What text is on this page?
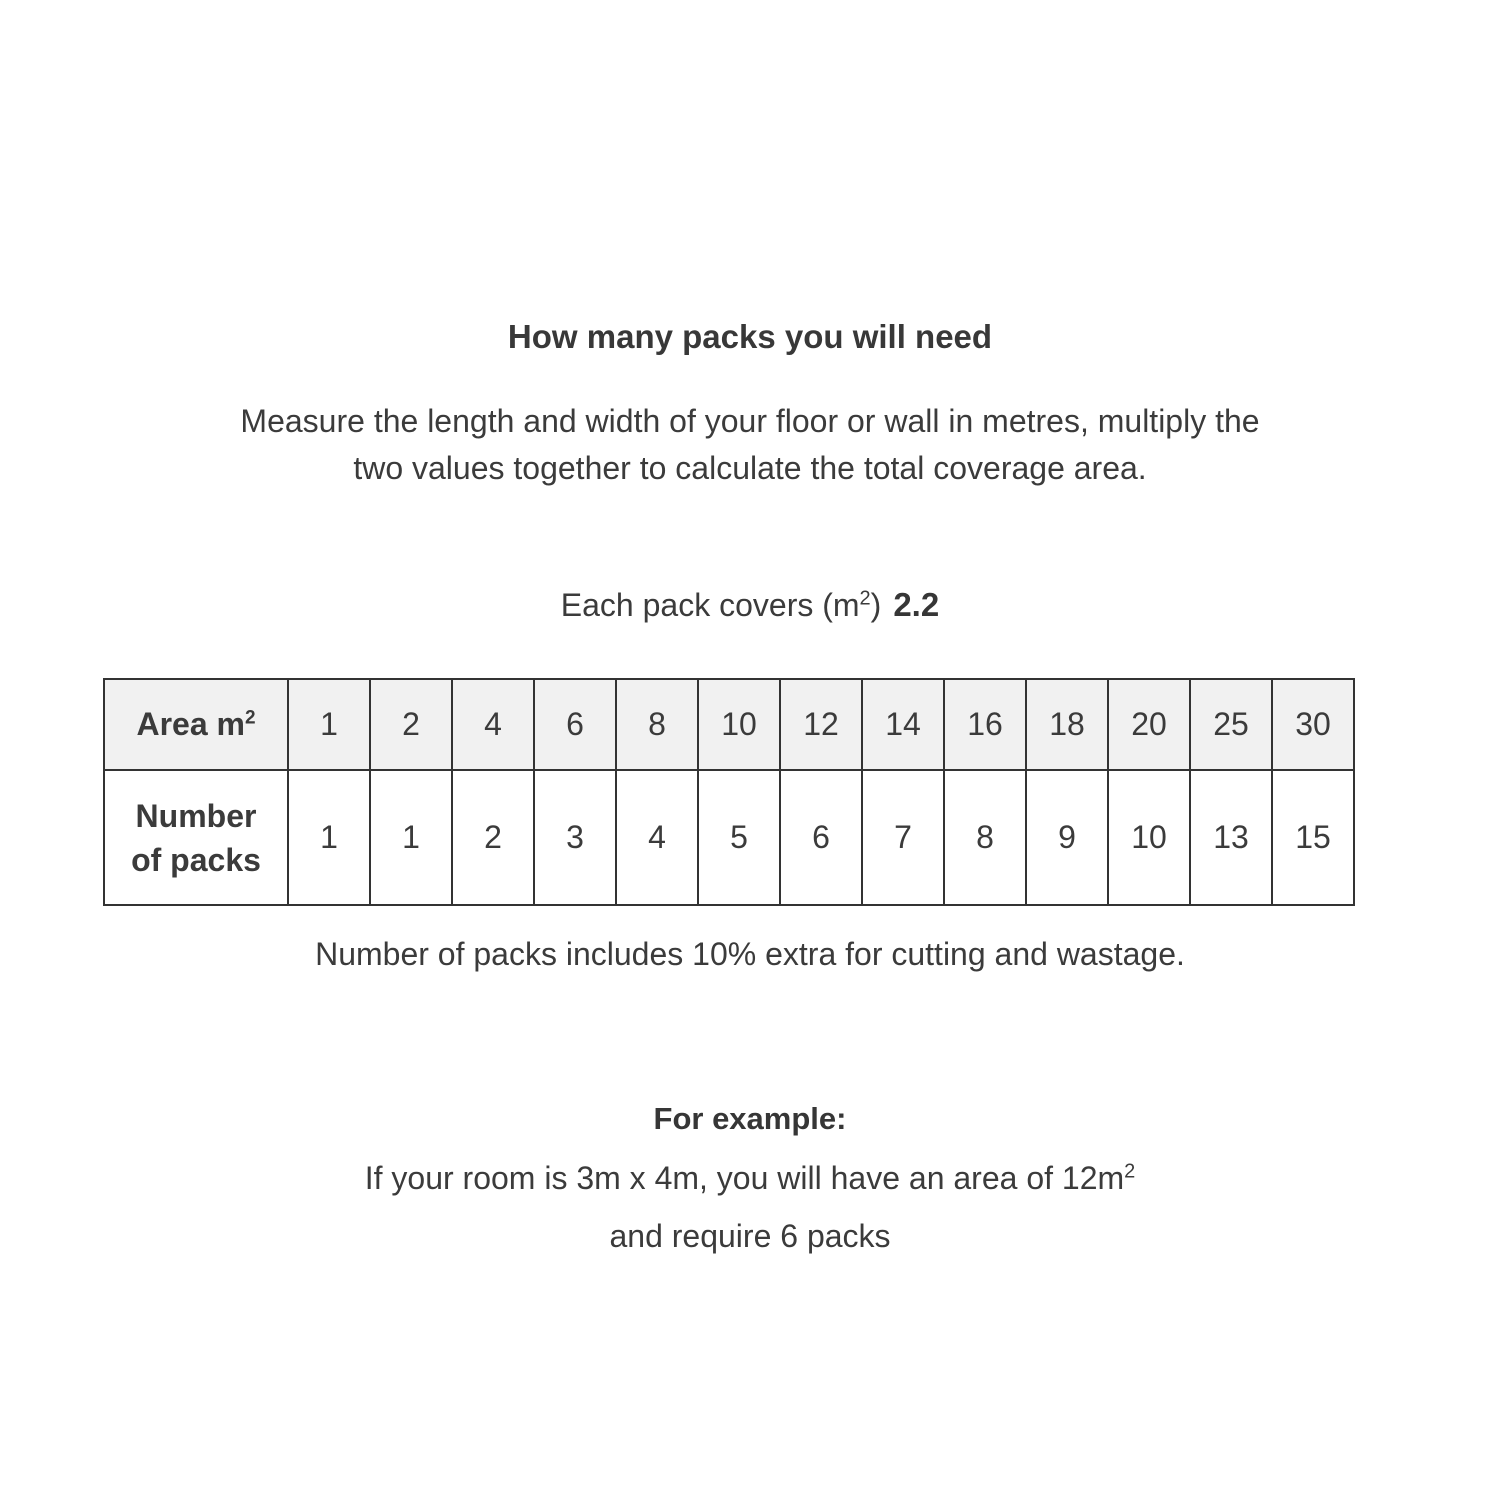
How many packs you will need

Measure the length and width of your floor or wall in metres, multiply the
two values together to calculate the total coverage area.

Each pack covers $(m^2)$ 2.2

Area $m^2$	1	2	4	6	8	10	12	14	16	18	20	25	30

Number
of packs	1	1	2	3	4	5	6	7	8	9	10	13	15

Number of packs includes 10% extra for cutting and wastage.

For example:

If your room is 3m x 4m, you will have an area of $12m^2$

and require 6 packs
